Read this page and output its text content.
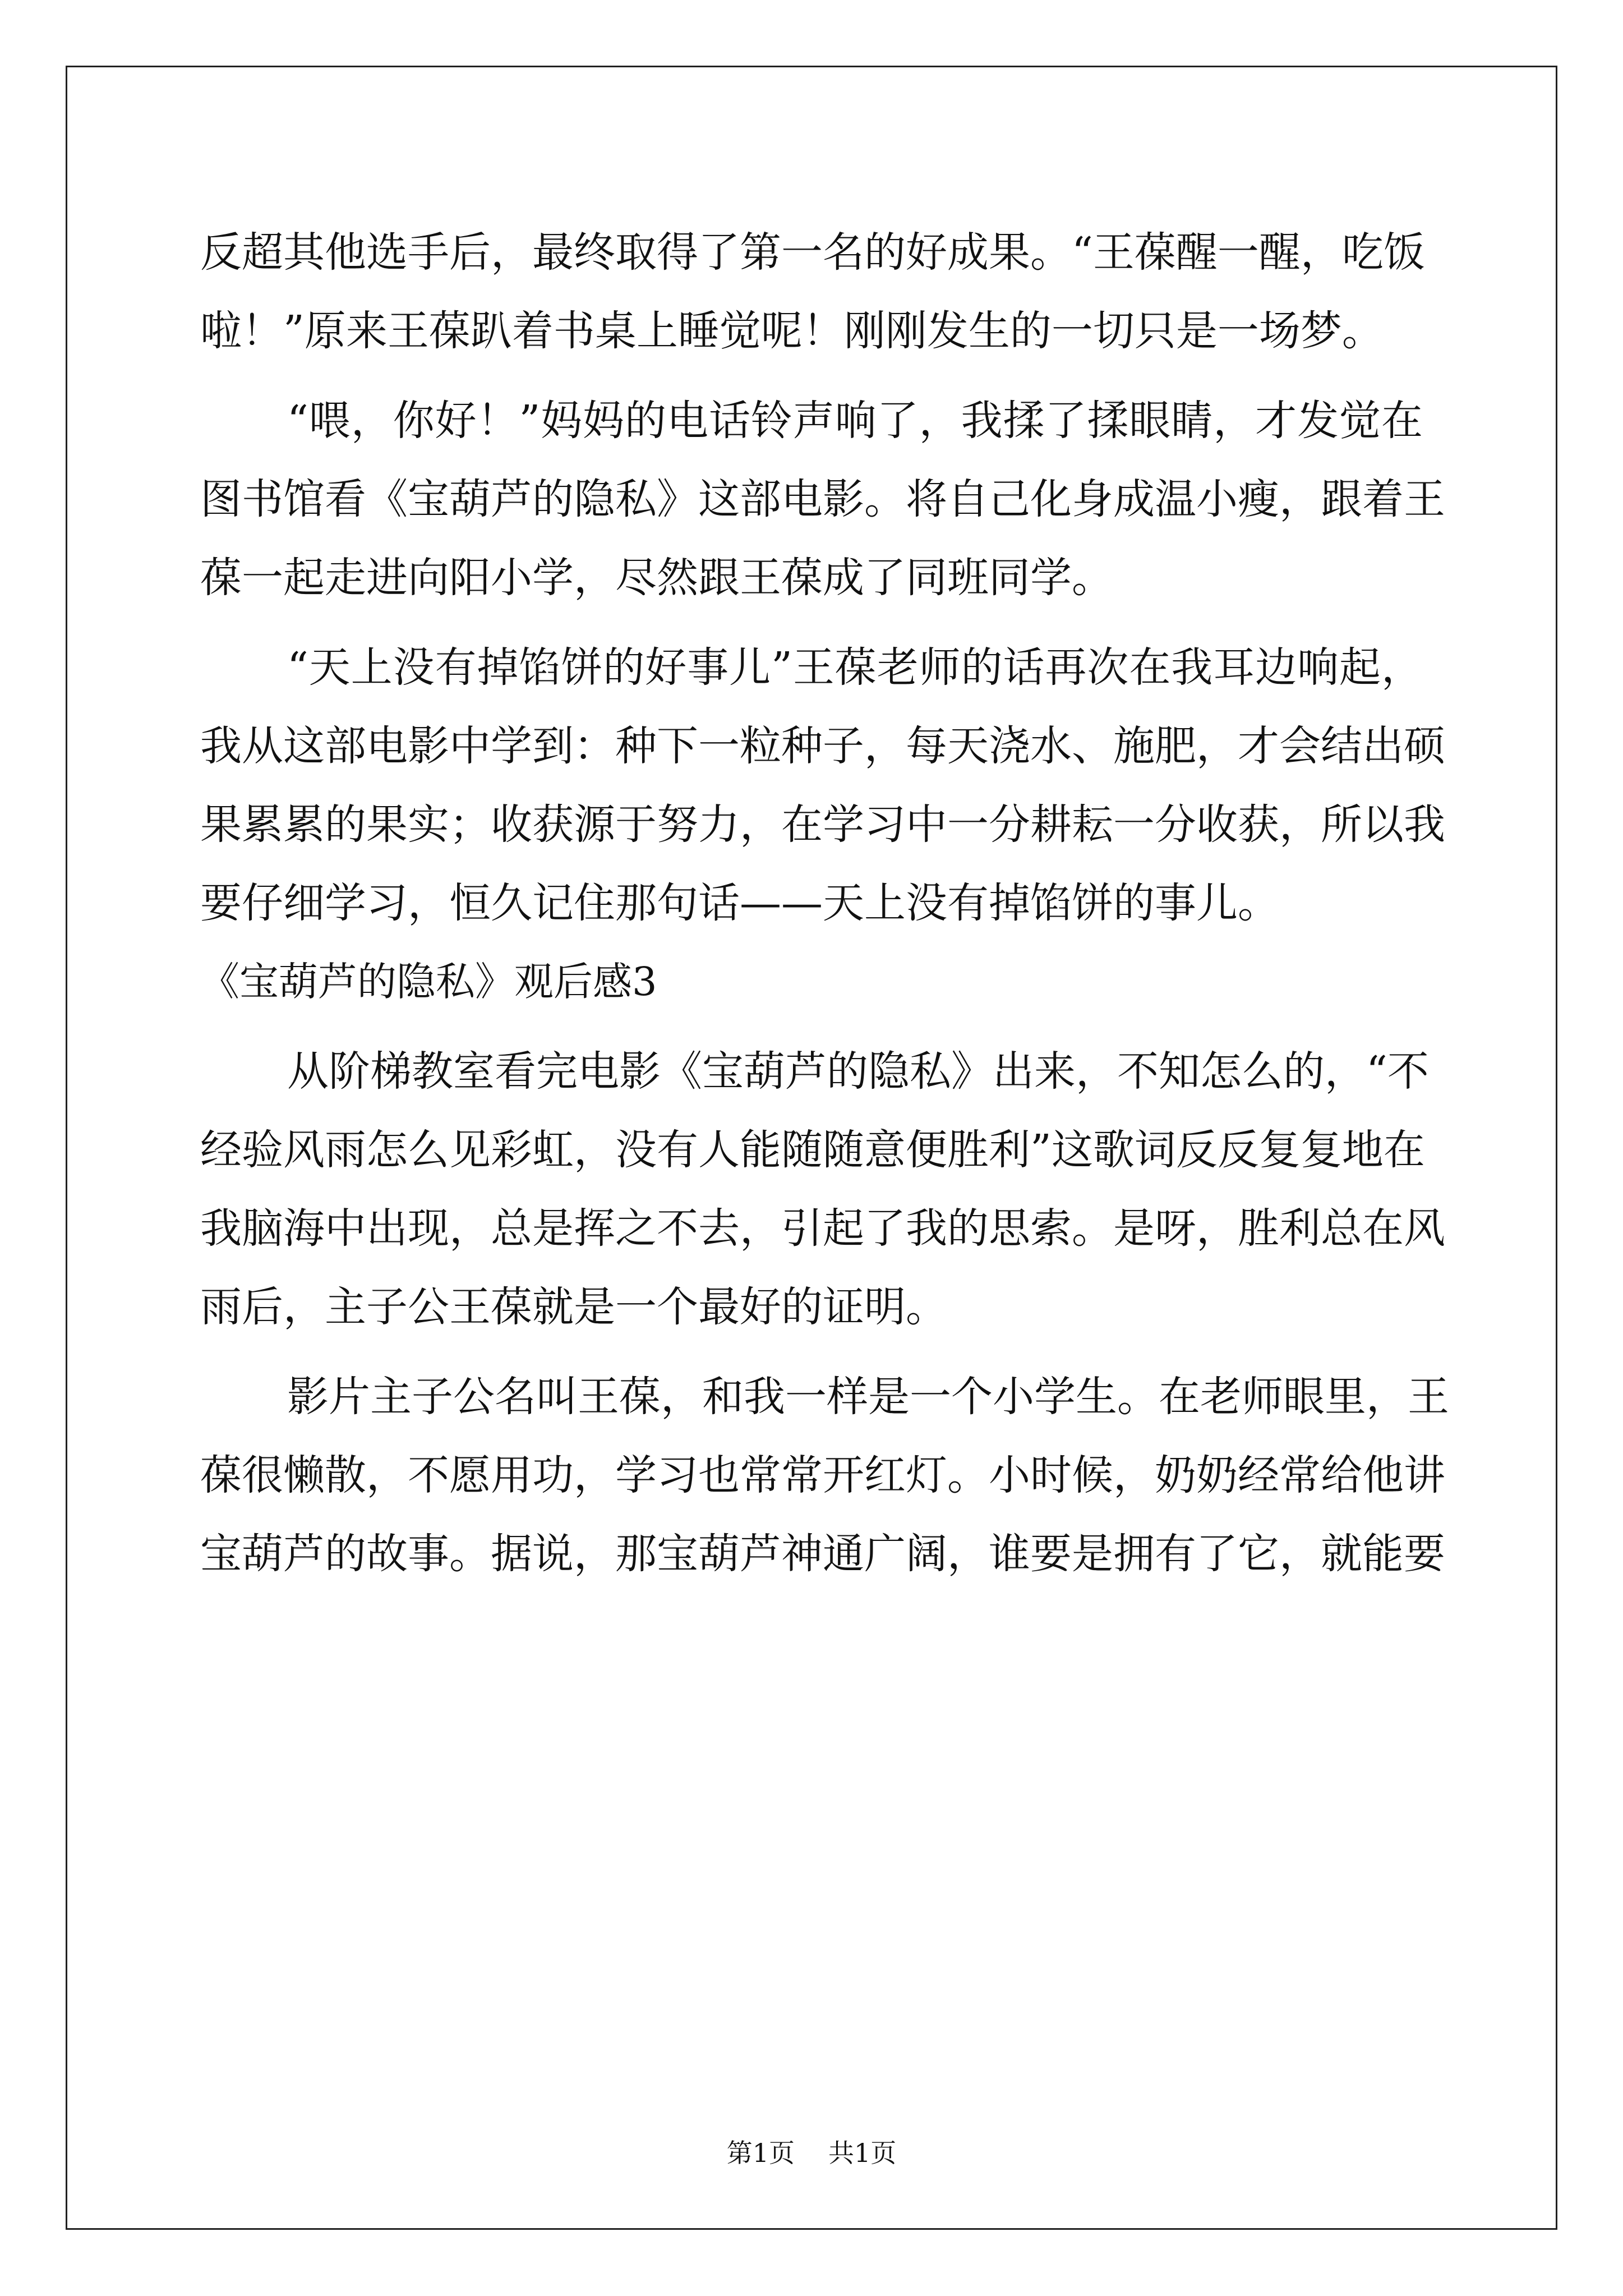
反超其他选手后，最终取得了第一名的好成果。“王葆醒一醒，吃饭
啦！”原来王葆趴着书桌上睡觉呢！刚刚发生的一切只是一场梦。
“喂，你好！”妈妈的电话铃声响了，我揉了揉眼睛，才发觉在
图书馆看《宝葫芦的隐私》这部电影。将自己化身成温小瘦，跟着王
葆一起走进向阳小学，尽然跟王葆成了同班同学。
“天上没有掉馅饼的好事儿”王葆老师的话再次在我耳边响起，
我从这部电影中学到：种下一粒种子，每天浇水、施肥，才会结出硕
果累累的果实；收获源于努力，在学习中一分耕耘一分收获，所以我
要仔细学习，恒久记住那句话——天上没有掉馅饼的事儿。
《宝葫芦的隐私》观后感3
从阶梯教室看完电影《宝葫芦的隐私》出来，不知怎么的，“不
经验风雨怎么见彩虹，没有人能随随意便胜利”这歌词反反复复地在
我脑海中出现，总是挥之不去，引起了我的思索。是呀，胜利总在风
雨后，主子公王葆就是一个最好的证明。
影片主子公名叫王葆，和我一样是一个小学生。在老师眼里，王
葆很懒散，不愿用功，学习也常常开红灯。小时候，奶奶经常给他讲
宝葫芦的故事。据说，那宝葫芦神通广阔，谁要是拥有了它，就能要
第1页 共1页
